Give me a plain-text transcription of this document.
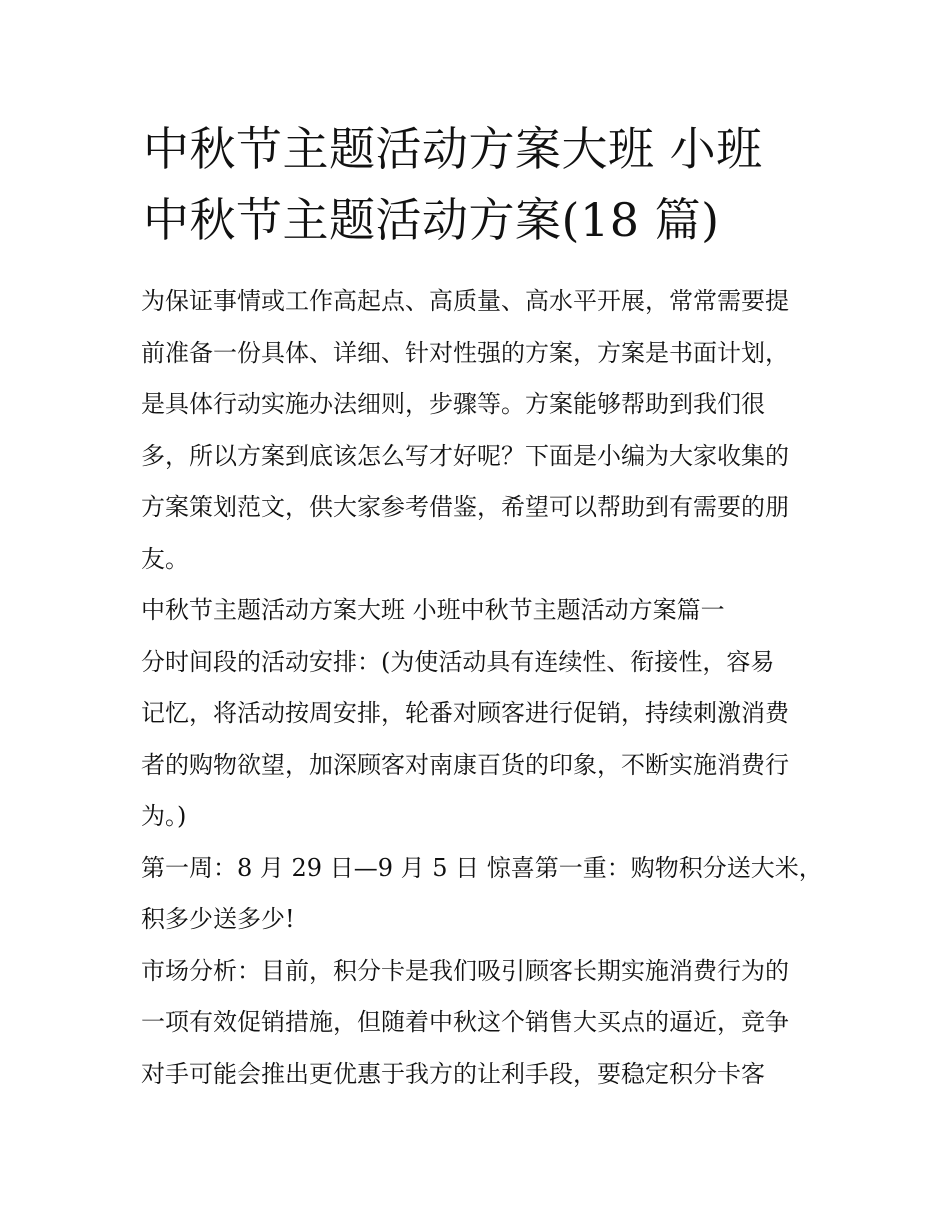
中秋节主题活动方案大班 小班
中秋节主题活动方案(18 篇)

为保证事情或工作高起点、高质量、高水平开展，常常需要提
前准备一份具体、详细、针对性强的方案，方案是书面计划，
是具体行动实施办法细则，步骤等。方案能够帮助到我们很
多，所以方案到底该怎么写才好呢？下面是小编为大家收集的
方案策划范文，供大家参考借鉴，希望可以帮助到有需要的朋
友。

中秋节主题活动方案大班 小班中秋节主题活动方案篇一

分时间段的活动安排：(为使活动具有连续性、衔接性，容易
记忆，将活动按周安排，轮番对顾客进行促销，持续刺激消费
者的购物欲望，加深顾客对南康百货的印象，不断实施消费行
为。)

第一周：8 月 29 日—9 月 5 日 惊喜第一重：购物积分送大米，
积多少送多少!

市场分析：目前，积分卡是我们吸引顾客长期实施消费行为的
一项有效促销措施，但随着中秋这个销售大买点的逼近，竞争
对手可能会推出更优惠于我方的让利手段，要稳定积分卡客
